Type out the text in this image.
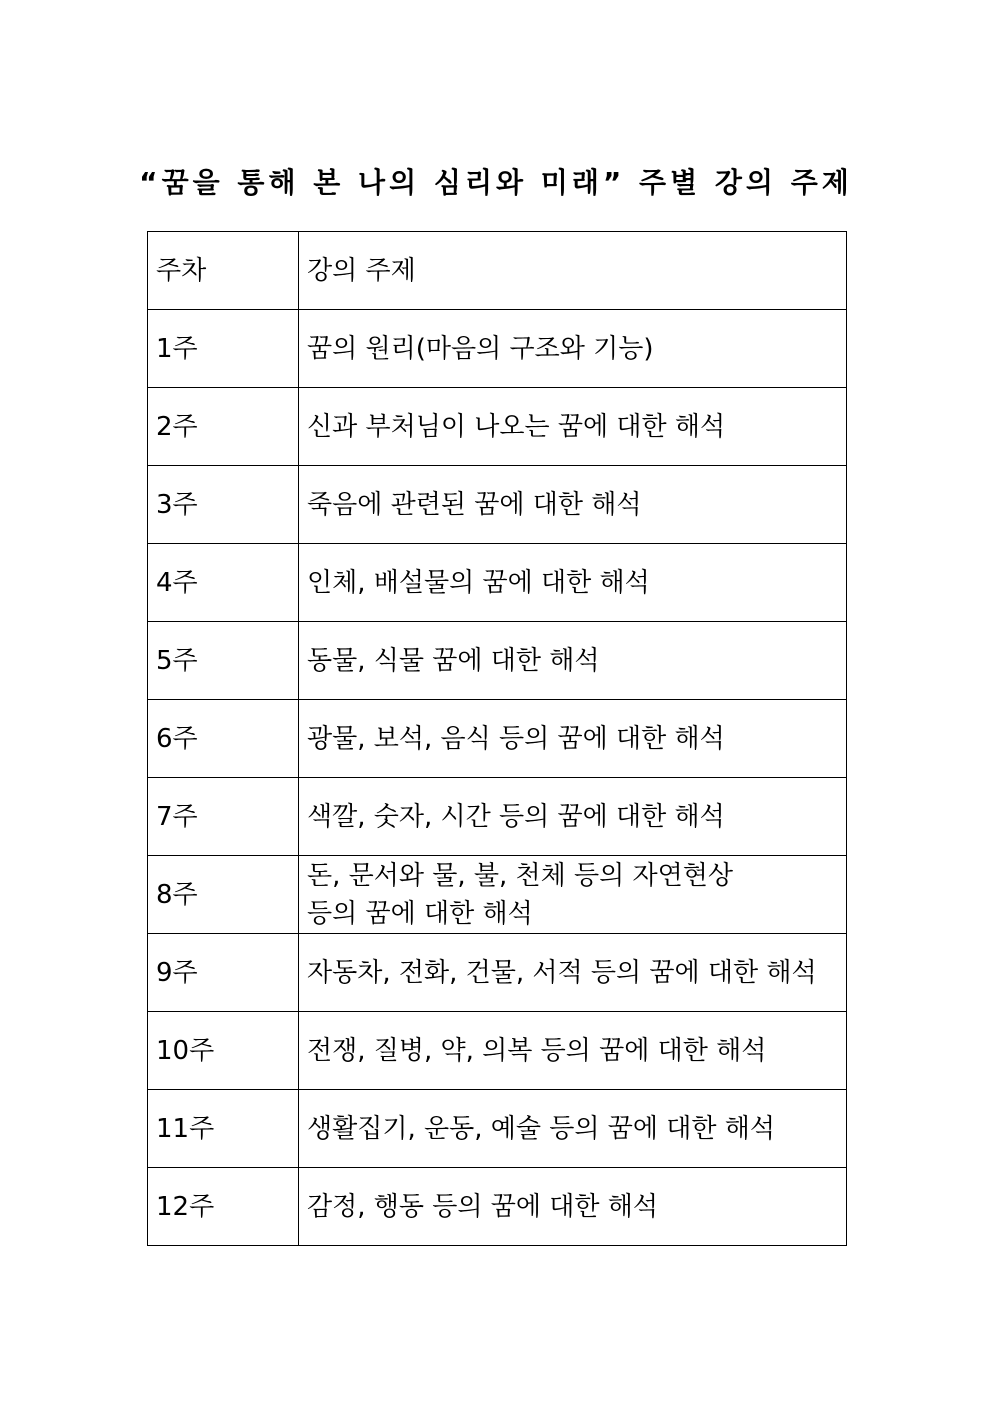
“꿈을 통해 본 나의 심리와 미래” 주별 강의 주제
주차	강의 주제
1주	꿈의 원리(마음의 구조와 기능)

2주	신과 부처님이 나오는 꿈에 대한 해석

3주	죽음에 관련된 꿈에 대한 해석

4주	인체, 배설물의 꿈에 대한 해석

5주	동물, 식물 꿈에 대한 해석

6주	광물, 보석, 음식 등의 꿈에 대한 해석

7주	색깔, 숫자, 시간 등의 꿈에 대한 해석

8주	돈, 문서와 물, 불, 천체 등의 자연현상
등의 꿈에 대한 해석

9주	자동차, 전화, 건물, 서적 등의 꿈에 대한 해석

10주	전쟁, 질병, 약, 의복 등의 꿈에 대한 해석

11주	생활집기, 운동, 예술 등의 꿈에 대한 해석

12주	감정, 행동 등의 꿈에 대한 해석
